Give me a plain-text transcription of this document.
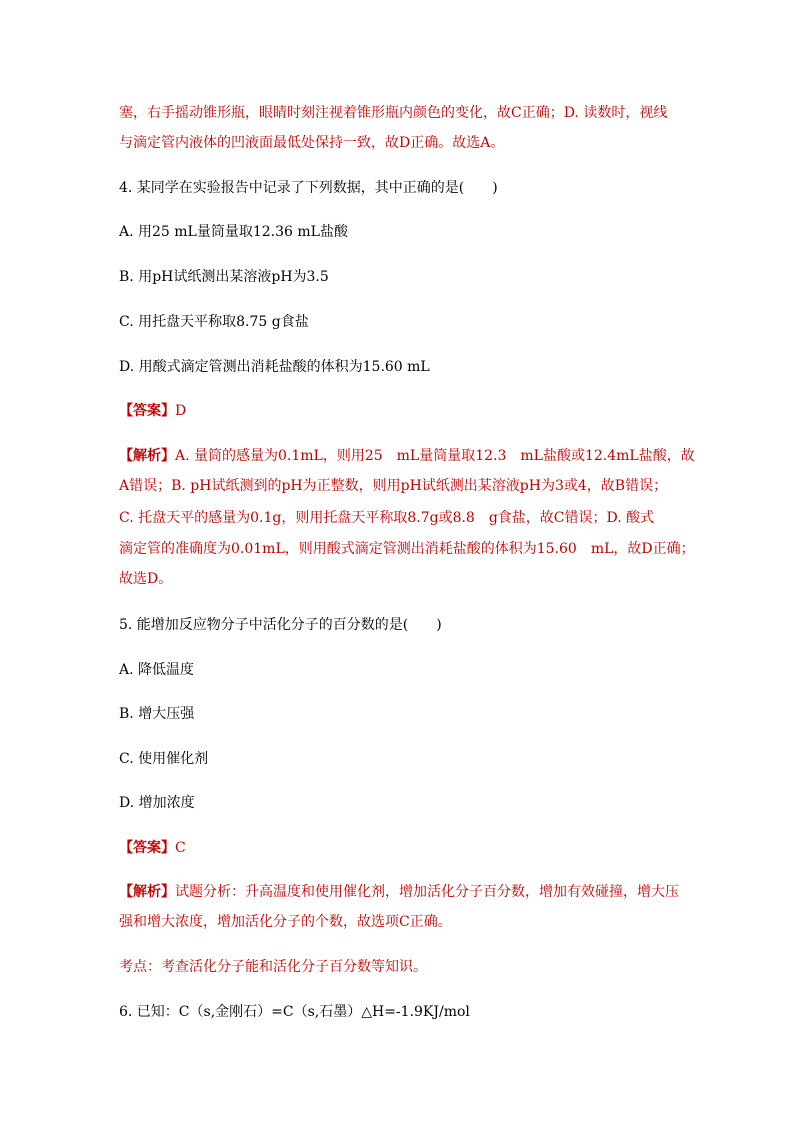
塞，右手摇动锥形瓶，眼睛时刻注视着锥形瓶内颜色的变化，故C正确；D. 读数时，视线
与滴定管内液体的凹液面最低处保持一致，故D正确。故选A。
4. 某同学在实验报告中记录了下列数据，其中正确的是(　　)
A. 用25 mL量筒量取12.36 mL盐酸
B. 用pH试纸测出某溶液pH为3.5
C. 用托盘天平称取8.75 g食盐
D. 用酸式滴定管测出消耗盐酸的体积为15.60 mL
【答案】D
【解析】A. 量筒的感量为0.1mL，则用25　mL量筒量取12.3　mL盐酸或12.4mL盐酸，故
A错误；B. pH试纸测到的pH为正整数，则用pH试纸测出某溶液pH为3或4，故B错误；
C. 托盘天平的感量为0.1g，则用托盘天平称取8.7g或8.8　g食盐，故C错误；D. 酸式
滴定管的准确度为0.01mL，则用酸式滴定管测出消耗盐酸的体积为15.60　mL，故D正确；
故选D。
5. 能增加反应物分子中活化分子的百分数的是(　　)
A. 降低温度
B. 增大压强
C. 使用催化剂
D. 增加浓度
【答案】C
【解析】试题分析：升高温度和使用催化剂，增加活化分子百分数，增加有效碰撞，增大压
强和增大浓度，增加活化分子的个数，故选项C正确。
考点：考查活化分子能和活化分子百分数等知识。
6. 已知：C（s,金刚石）=C（s,石墨）△H=-1.9KJ/mol
